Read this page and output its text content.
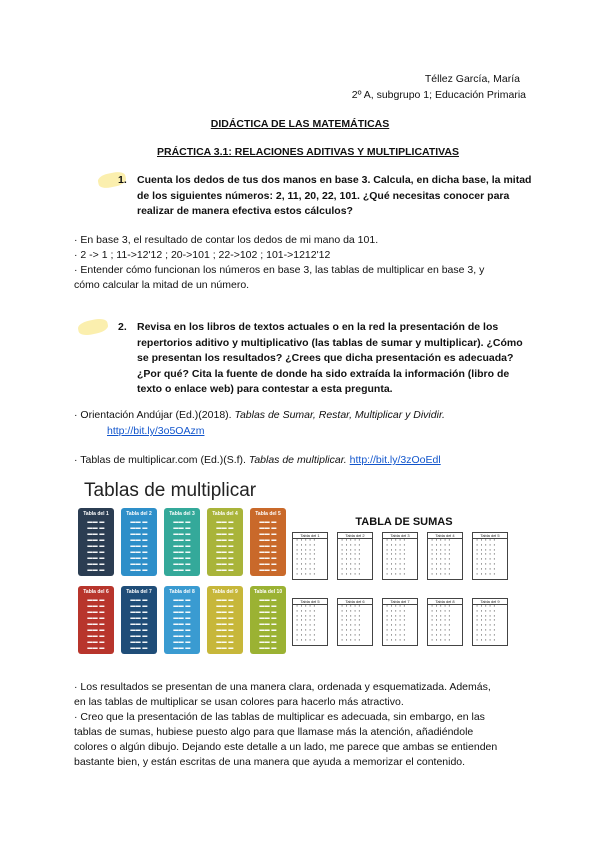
Téllez García, María
2º A, subgrupo 1; Educación Primaria
DIDÁCTICA DE LAS MATEMÁTICAS
PRÁCTICA 3.1: RELACIONES ADITIVAS Y MULTIPLICATIVAS
1. Cuenta los dedos de tus dos manos en base 3. Calcula, en dicha base, la mitad
de los siguientes números: 2, 11, 20, 22, 101. ¿Qué necesitas conocer para
realizar de manera efectiva estos cálculos?
· En base 3, el resultado de contar los dedos de mi mano da 101.
· 2 -> 1 ; 11->12'12 ; 20->101 ; 22->102 ; 101->1212'12
· Entender cómo funcionan los números en base 3, las tablas de multiplicar en base 3, y
cómo calcular la mitad de un número.
2. Revisa en los libros de textos actuales o en la red la presentación de los
repertorios aditivo y multiplicativo (las tablas de sumar y multiplicar). ¿Cómo
se presentan los resultados? ¿Crees que dicha presentación es adecuada?
¿Por qué? Cita la fuente de donde ha sido extraída la información (libro de
texto o enlace web) para contestar a esta pregunta.
· Orientación Andújar (Ed.)(2018). Tablas de Sumar, Restar, Multiplicar y Dividir.
http://bit.ly/3o5OAzm
· Tablas de multiplicar.com (Ed.)(S.f). Tablas de multiplicar. http://bit.ly/3zOoEdl
Tablas de multiplicar
Tabla del 1
▬▬ ▬
▬▬ ▬
▬▬ ▬
▬▬ ▬
▬▬ ▬
▬▬ ▬
▬▬ ▬
▬▬ ▬
▬▬ ▬
Tabla del 2
▬▬ ▬
▬▬ ▬
▬▬ ▬
▬▬ ▬
▬▬ ▬
▬▬ ▬
▬▬ ▬
▬▬ ▬
▬▬ ▬
Tabla del 3
▬▬ ▬
▬▬ ▬
▬▬ ▬
▬▬ ▬
▬▬ ▬
▬▬ ▬
▬▬ ▬
▬▬ ▬
▬▬ ▬
Tabla del 4
▬▬ ▬
▬▬ ▬
▬▬ ▬
▬▬ ▬
▬▬ ▬
▬▬ ▬
▬▬ ▬
▬▬ ▬
▬▬ ▬
Tabla del 5
▬▬ ▬
▬▬ ▬
▬▬ ▬
▬▬ ▬
▬▬ ▬
▬▬ ▬
▬▬ ▬
▬▬ ▬
▬▬ ▬
Tabla del 6
▬▬ ▬
▬▬ ▬
▬▬ ▬
▬▬ ▬
▬▬ ▬
▬▬ ▬
▬▬ ▬
▬▬ ▬
▬▬ ▬
Tabla del 7
▬▬ ▬
▬▬ ▬
▬▬ ▬
▬▬ ▬
▬▬ ▬
▬▬ ▬
▬▬ ▬
▬▬ ▬
▬▬ ▬
Tabla del 8
▬▬ ▬
▬▬ ▬
▬▬ ▬
▬▬ ▬
▬▬ ▬
▬▬ ▬
▬▬ ▬
▬▬ ▬
▬▬ ▬
Tabla del 9
▬▬ ▬
▬▬ ▬
▬▬ ▬
▬▬ ▬
▬▬ ▬
▬▬ ▬
▬▬ ▬
▬▬ ▬
▬▬ ▬
Tabla del 10
▬▬ ▬
▬▬ ▬
▬▬ ▬
▬▬ ▬
▬▬ ▬
▬▬ ▬
▬▬ ▬
▬▬ ▬
▬▬ ▬
TABLA DE SUMAS
Tabla del 1
▪ ▪ ▪ ▪ ▪
▪ ▪ ▪ ▪ ▪
▪ ▪ ▪ ▪ ▪
▪ ▪ ▪ ▪ ▪
▪ ▪ ▪ ▪ ▪
▪ ▪ ▪ ▪ ▪
▪ ▪ ▪ ▪ ▪
▪ ▪ ▪ ▪ ▪
Tabla del 2
▪ ▪ ▪ ▪ ▪
▪ ▪ ▪ ▪ ▪
▪ ▪ ▪ ▪ ▪
▪ ▪ ▪ ▪ ▪
▪ ▪ ▪ ▪ ▪
▪ ▪ ▪ ▪ ▪
▪ ▪ ▪ ▪ ▪
▪ ▪ ▪ ▪ ▪
Tabla del 3
▪ ▪ ▪ ▪ ▪
▪ ▪ ▪ ▪ ▪
▪ ▪ ▪ ▪ ▪
▪ ▪ ▪ ▪ ▪
▪ ▪ ▪ ▪ ▪
▪ ▪ ▪ ▪ ▪
▪ ▪ ▪ ▪ ▪
▪ ▪ ▪ ▪ ▪
Tabla del 4
▪ ▪ ▪ ▪ ▪
▪ ▪ ▪ ▪ ▪
▪ ▪ ▪ ▪ ▪
▪ ▪ ▪ ▪ ▪
▪ ▪ ▪ ▪ ▪
▪ ▪ ▪ ▪ ▪
▪ ▪ ▪ ▪ ▪
▪ ▪ ▪ ▪ ▪
Tabla del 5
▪ ▪ ▪ ▪ ▪
▪ ▪ ▪ ▪ ▪
▪ ▪ ▪ ▪ ▪
▪ ▪ ▪ ▪ ▪
▪ ▪ ▪ ▪ ▪
▪ ▪ ▪ ▪ ▪
▪ ▪ ▪ ▪ ▪
▪ ▪ ▪ ▪ ▪
Tabla del 5
▪ ▪ ▪ ▪ ▪
▪ ▪ ▪ ▪ ▪
▪ ▪ ▪ ▪ ▪
▪ ▪ ▪ ▪ ▪
▪ ▪ ▪ ▪ ▪
▪ ▪ ▪ ▪ ▪
▪ ▪ ▪ ▪ ▪
▪ ▪ ▪ ▪ ▪
Tabla del 6
▪ ▪ ▪ ▪ ▪
▪ ▪ ▪ ▪ ▪
▪ ▪ ▪ ▪ ▪
▪ ▪ ▪ ▪ ▪
▪ ▪ ▪ ▪ ▪
▪ ▪ ▪ ▪ ▪
▪ ▪ ▪ ▪ ▪
▪ ▪ ▪ ▪ ▪
Tabla del 7
▪ ▪ ▪ ▪ ▪
▪ ▪ ▪ ▪ ▪
▪ ▪ ▪ ▪ ▪
▪ ▪ ▪ ▪ ▪
▪ ▪ ▪ ▪ ▪
▪ ▪ ▪ ▪ ▪
▪ ▪ ▪ ▪ ▪
▪ ▪ ▪ ▪ ▪
Tabla del 8
▪ ▪ ▪ ▪ ▪
▪ ▪ ▪ ▪ ▪
▪ ▪ ▪ ▪ ▪
▪ ▪ ▪ ▪ ▪
▪ ▪ ▪ ▪ ▪
▪ ▪ ▪ ▪ ▪
▪ ▪ ▪ ▪ ▪
▪ ▪ ▪ ▪ ▪
Tabla del 9
▪ ▪ ▪ ▪ ▪
▪ ▪ ▪ ▪ ▪
▪ ▪ ▪ ▪ ▪
▪ ▪ ▪ ▪ ▪
▪ ▪ ▪ ▪ ▪
▪ ▪ ▪ ▪ ▪
▪ ▪ ▪ ▪ ▪
▪ ▪ ▪ ▪ ▪
· Los resultados se presentan de una manera clara, ordenada y esquematizada. Además,
en las tablas de multiplicar se usan colores para hacerlo más atractivo.
· Creo que la presentación de las tablas de multiplicar es adecuada, sin embargo, en las
tablas de sumas, hubiese puesto algo para que llamase más la atención, añadiéndole
colores o algún dibujo. Dejando este detalle a un lado, me parece que ambas se entienden
bastante bien, y están escritas de una manera que ayuda a memorizar el contenido.
